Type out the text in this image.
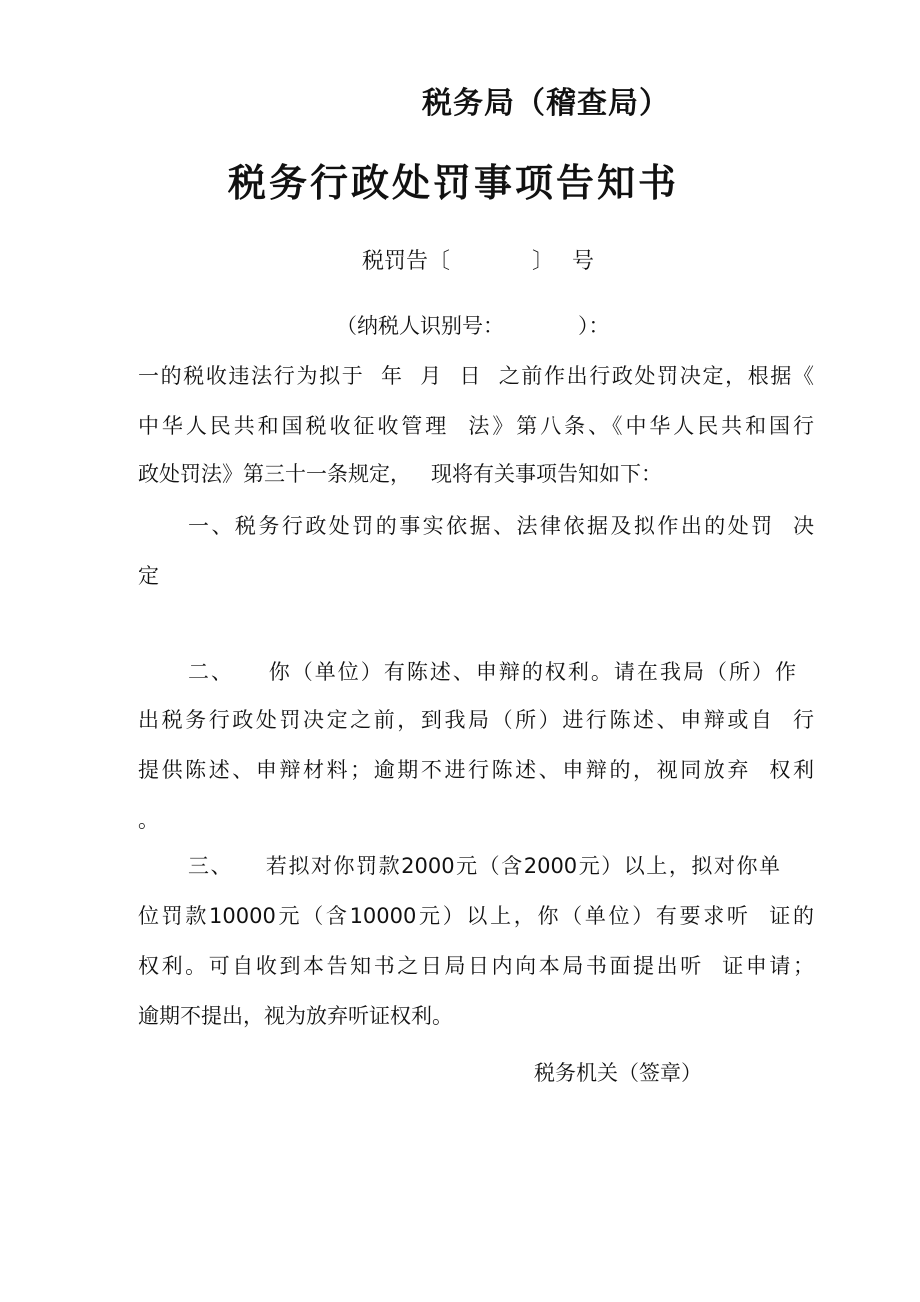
税务局（稽查局）
税务行政处罚事项告知书
税罚告〔	〕 号
（纳税人识别号：	）：
一的税收违法行为拟于  年  月  日  之前作出行政处罚决定，根据《
中华人民共和国税收征收管理  法》第八条、《中华人民共和国行
政处罚法》第三十一条规定，   现将有关事项告知如下：
一、税务行政处罚的事实依据、法律依据及拟作出的处罚  决
定
二、    你（单位）有陈述、申辩的权利。请在我局（所）作
出税务行政处罚决定之前，到我局（所）进行陈述、申辩或自  行
提供陈述、申辩材料；逾期不进行陈述、申辩的，视同放弃  权利
。
三、    若拟对你罚款2000元（含2000元）以上，拟对你单
位罚款10000元（含10000元）以上，你（单位）有要求听  证的
权利。可自收到本告知书之日局日内向本局书面提出听  证申请；
逾期不提出，视为放弃听证权利。
税务机关（签章）
